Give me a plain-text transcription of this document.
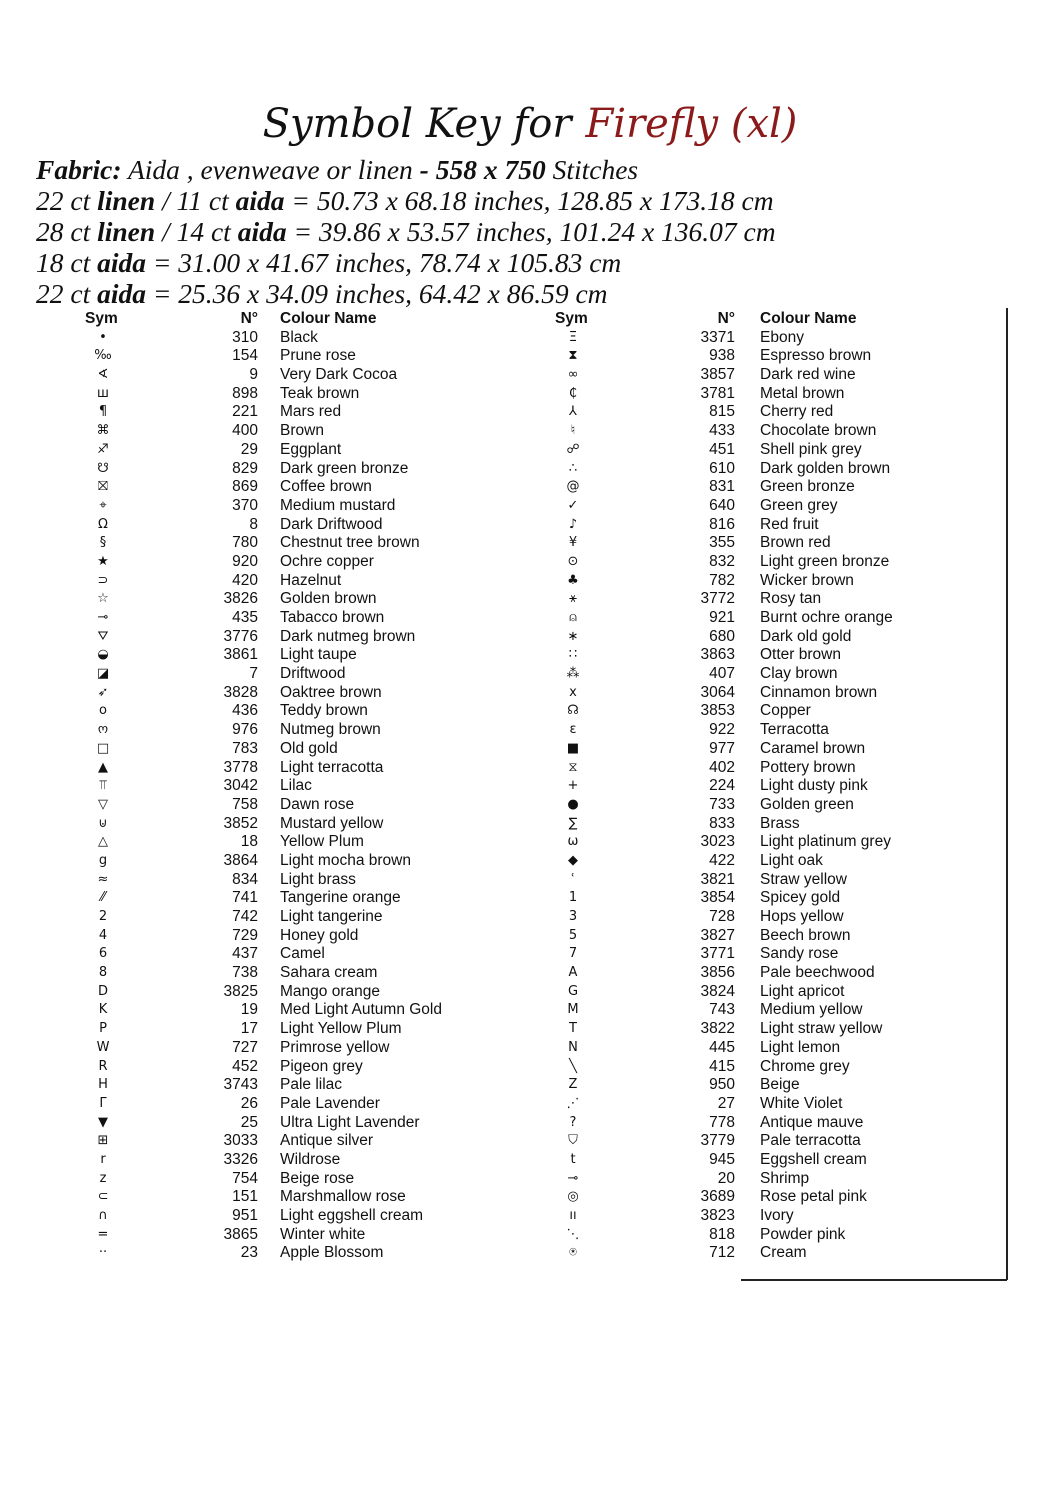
Symbol Key for Firefly (xl)
Fabric: Aida , evenweave or linen - 558 x 750 Stitches
22 ct linen / 11 ct aida = 50.73 x 68.18 inches, 128.85 x 173.18 cm
28 ct linen / 14 ct aida = 39.86 x 53.57 inches, 101.24 x 136.07 cm
18 ct aida = 31.00 x 41.67 inches, 78.74 x 105.83 cm
22 ct aida = 25.36 x 34.09 inches, 64.42 x 86.59 cm
Sym	N° Colour Name
•	310 Black
‰	154 Prune rose
∢	9 Very Dark Cocoa
ш	898 Teak brown
¶	221 Mars red
⌘	400 Brown
♐	29 Eggplant
☋	829 Dark green bronze
⛝	869 Coffee brown
⌖	370 Medium mustard
Ω	8 Dark Driftwood
§	780 Chestnut tree brown
★	920 Ochre copper
⊃	420 Hazelnut
☆	3826 Golden brown
⊸	435 Tabacco brown
⛛	3776 Dark nutmeg brown
◒	3861 Light taupe
◪	7 Driftwood
➶	3828 Oaktree brown
o	436 Teddy brown
ო	976 Nutmeg brown
□	783 Old gold
▲	3778 Light terracotta
⫪	3042 Lilac
▽	758 Dawn rose
⊍	3852 Mustard yellow
△	18 Yellow Plum
g	3864 Light mocha brown
≈	834 Light brass
⁄⁄	741 Tangerine orange
2	742 Light tangerine
4	729 Honey gold
6	437 Camel
8	738 Sahara cream
D	3825 Mango orange
K	19 Med Light Autumn Gold
P	17 Light Yellow Plum
W	727 Primrose yellow
R	452 Pigeon grey
H	3743 Pale lilac
Γ	26 Pale Lavender
▼	25 Ultra Light Lavender
⊞	3033 Antique silver
r	3326 Wildrose
z	754 Beige rose
⊂	151 Marshmallow rose
∩	951 Light eggshell cream
=	3865 Winter white
··	23 Apple Blossom
Sym	N° Colour Name
Ξ	3371 Ebony
⧗	938 Espresso brown
∞	3857 Dark red wine
₵	3781 Metal brown
⅄	815 Cherry red
♮	433 Chocolate brown
☍	451 Shell pink grey
∴	610 Dark golden brown
@	831 Green bronze
✓	640 Green grey
♪	816 Red fruit
¥	355 Brown red
⊙	832 Light green bronze
♣	782 Wicker brown
⚹	3772 Rosy tan
⍝	921 Burnt ochre orange
∗	680 Dark old gold
∷	3863 Otter brown
⁂	407 Clay brown
x	3064 Cinnamon brown
☊	3853 Copper
ε	922 Terracotta
■	977 Caramel brown
⧖	402 Pottery brown
+	224 Light dusty pink
●	733 Golden green
∑	833 Brass
ω	3023 Light platinum grey
◆	422 Light oak
ʿ	3821 Straw yellow
1	3854 Spicey gold
3	728 Hops yellow
5	3827 Beech brown
7	3771 Sandy rose
A	3856 Pale beechwood
G	3824 Light apricot
M	743 Medium yellow
T	3822 Light straw yellow
N	445 Light lemon
╲	415 Chrome grey
Z	950 Beige
⋰	27 White Violet
?	778 Antique mauve
⛉	3779 Pale terracotta
t	945 Eggshell cream
⊸	20 Shrimp
◎	3689 Rose petal pink
ıı	3823 Ivory
⋱	818 Powder pink
⍟	712 Cream
